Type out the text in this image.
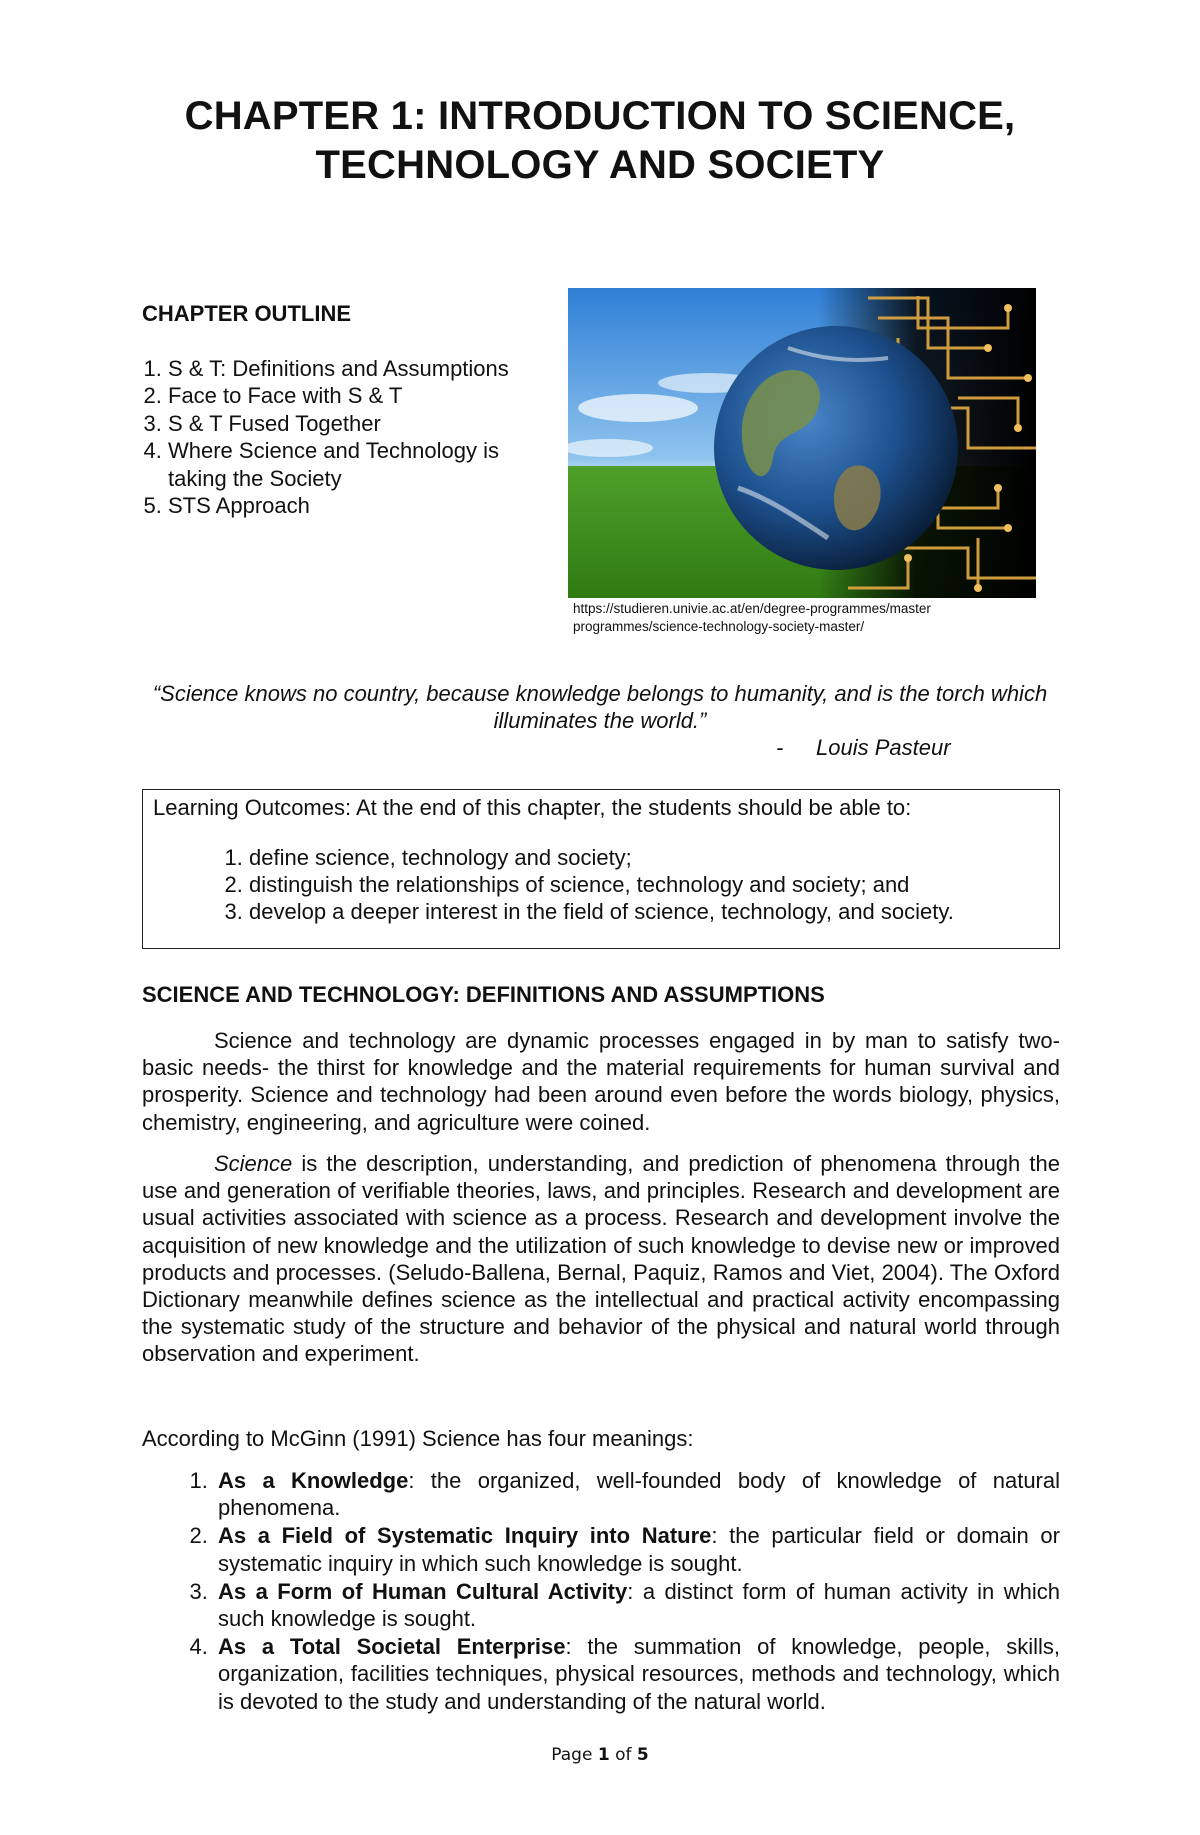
CHAPTER 1: INTRODUCTION TO SCIENCE,
TECHNOLOGY AND SOCIETY
CHAPTER OUTLINE
1. S & T: Definitions and Assumptions
2. Face to Face with S & T
3. S & T Fused Together
4. Where Science and Technology is taking the Society
5. STS Approach
https://studieren.univie.ac.at/en/degree-programmes/master
programmes/science-technology-society-master/
“Science knows no country, because knowledge belongs to humanity, and is the torch which illuminates the world.”
- Louis Pasteur
Learning Outcomes: At the end of this chapter, the students should be able to:
1. define science, technology and society;
2. distinguish the relationships of science, technology and society; and
3. develop a deeper interest in the field of science, technology, and society.
SCIENCE AND TECHNOLOGY: DEFINITIONS AND ASSUMPTIONS

Science and technology are dynamic processes engaged in by man to satisfy two-basic needs- the thirst for knowledge and the material requirements for human survival and prosperity. Science and technology had been around even before the words biology, physics, chemistry, engineering, and agriculture were coined.

Science is the description, understanding, and prediction of phenomena through the use and generation of verifiable theories, laws, and principles. Research and development are usual activities associated with science as a process. Research and development involve the acquisition of new knowledge and the utilization of such knowledge to devise new or improved products and processes. (Seludo-Ballena, Bernal, Paquiz, Ramos and Viet, 2004). The Oxford Dictionary meanwhile defines science as the intellectual and practical activity encompassing the systematic study of the structure and behavior of the physical and natural world through observation and experiment.

According to McGinn (1991) Science has four meanings:
1. As a Knowledge: the organized, well-founded body of knowledge of natural phenomena.
2. As a Field of Systematic Inquiry into Nature: the particular field or domain or systematic inquiry in which such knowledge is sought.
3. As a Form of Human Cultural Activity: a distinct form of human activity in which such knowledge is sought.
4. As a Total Societal Enterprise: the summation of knowledge, people, skills, organization, facilities techniques, physical resources, methods and technology, which is devoted to the study and understanding of the natural world.
Page 1 of 5
